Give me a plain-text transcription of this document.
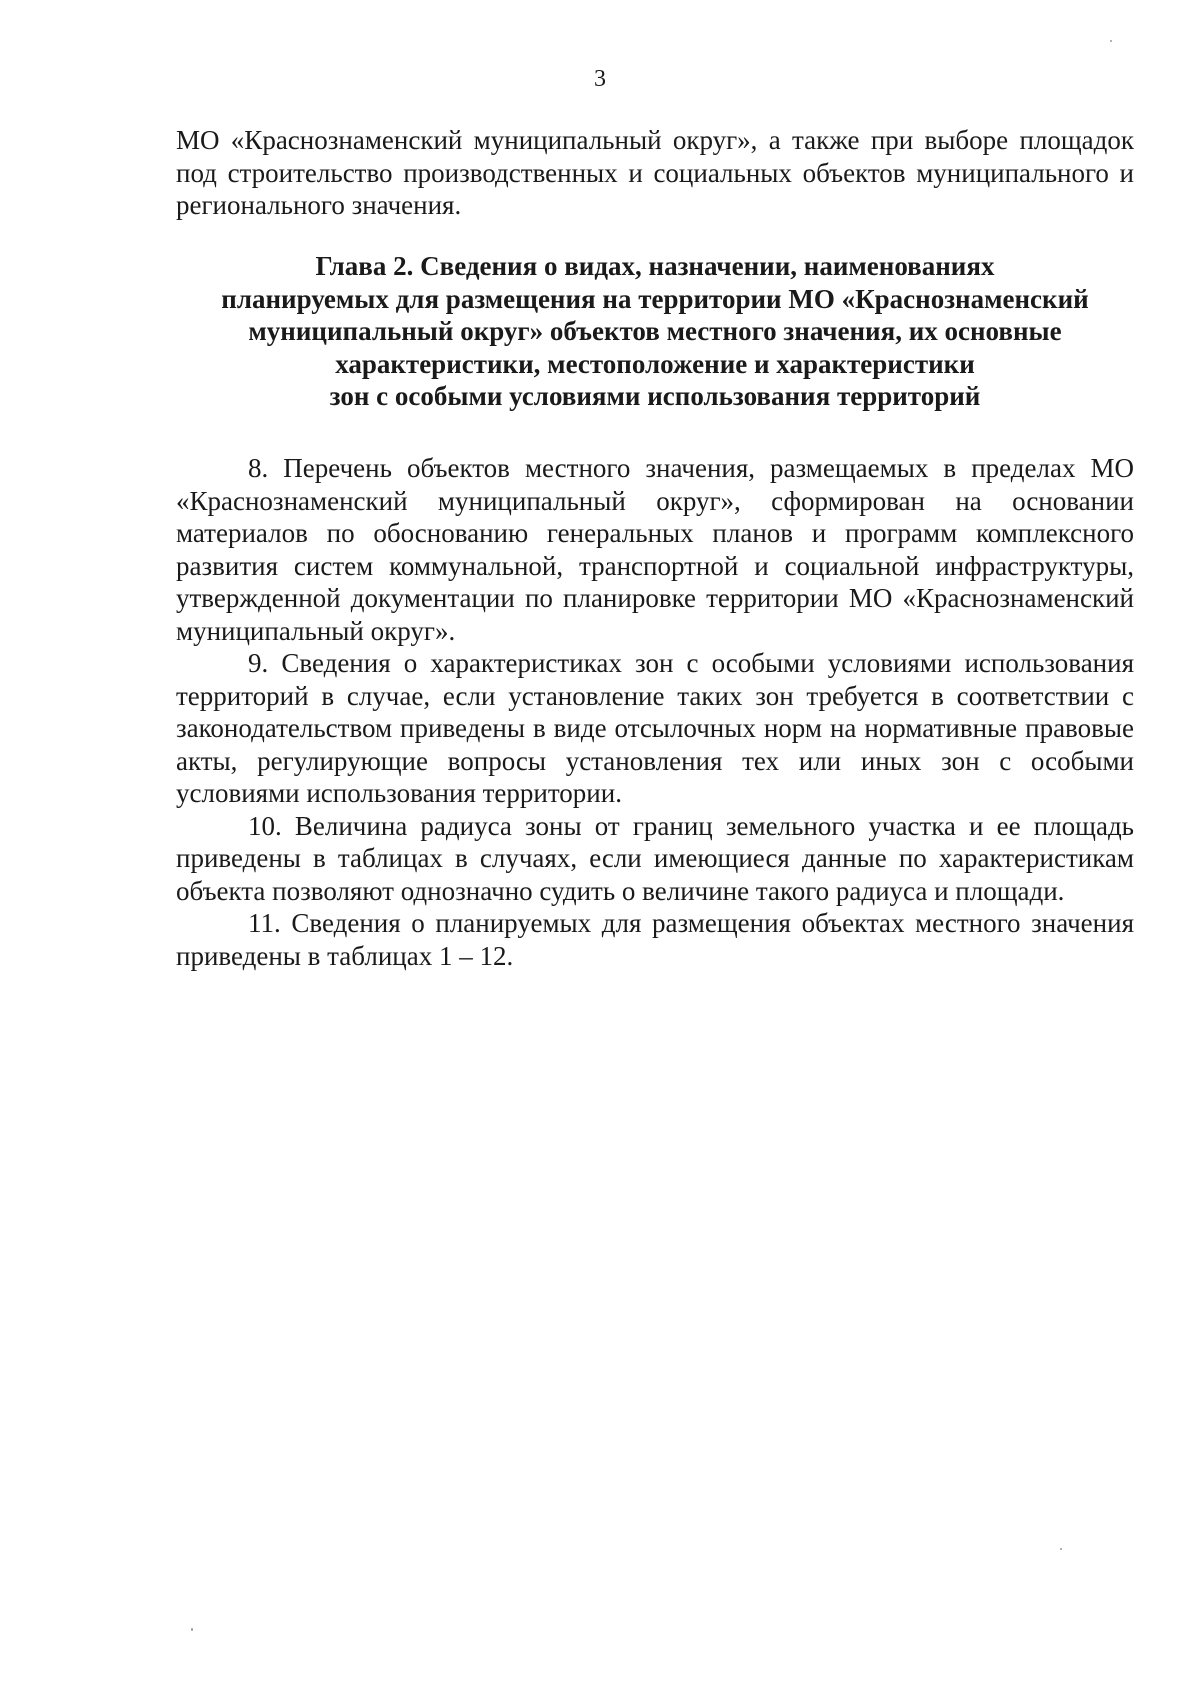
3

МО «Краснознаменский муниципальный округ», а также при выборе площадок под строительство производственных и социальных объектов муниципального и регионального значения.

Глава 2. Сведения о видах, назначении, наименованиях
планируемых для размещения на территории МО «Краснознаменский
муниципальный округ» объектов местного значения, их основные
характеристики, местоположение и характеристики
зон с особыми условиями использования территорий

8. Перечень объектов местного значения, размещаемых в пределах МО «Краснознаменский муниципальный округ», сформирован на основании материалов по обоснованию генеральных планов и программ комплексного развития систем коммунальной, транспортной и социальной инфраструктуры, утвержденной документации по планировке территории МО «Краснознаменский муниципальный округ».

9. Сведения о характеристиках зон с особыми условиями использования территорий в случае, если установление таких зон требуется в соответствии с законодательством приведены в виде отсылочных норм на нормативные правовые акты, регулирующие вопросы установления тех или иных зон с особыми условиями использования территории.

10. Величина радиуса зоны от границ земельного участка и ее площадь приведены в таблицах в случаях, если имеющиеся данные по характеристикам объекта позволяют однозначно судить о величине такого радиуса и площади.

11. Сведения о планируемых для размещения объектах местного значения приведены в таблицах 1 – 12.
